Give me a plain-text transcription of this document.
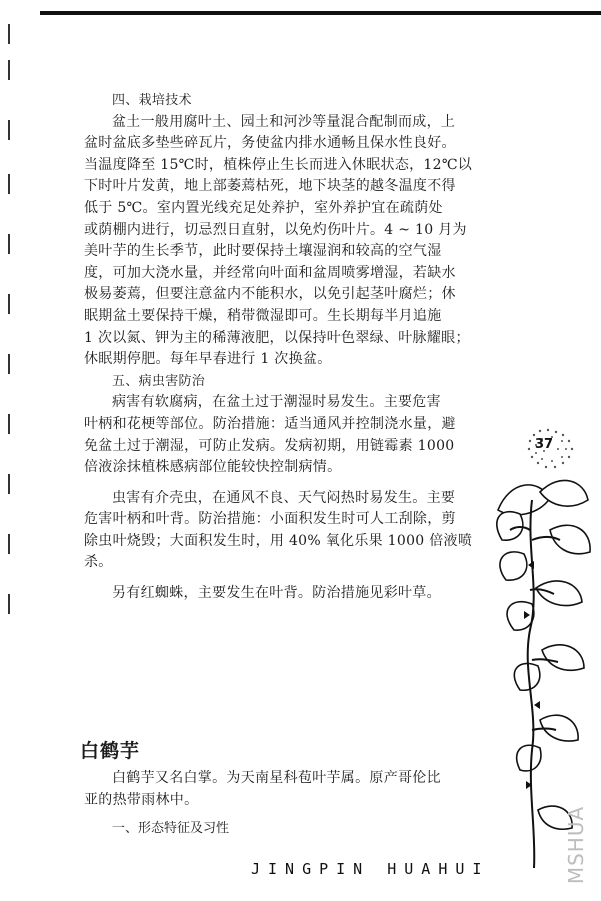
四、栽培技术
盆土一般用腐叶土、园土和河沙等量混合配制而成，上
盆时盆底多垫些碎瓦片，务使盆内排水通畅且保水性良好。
当温度降至 15℃时，植株停止生长而进入休眠状态，12℃以
下时叶片发黄，地上部萎蔫枯死，地下块茎的越冬温度不得
低于 5℃。室内置光线充足处养护，室外养护宜在疏荫处
或荫棚内进行，切忌烈日直射，以免灼伤叶片。4 ~ 10 月为
美叶芋的生长季节，此时要保持土壤湿润和较高的空气湿
度，可加大浇水量，并经常向叶面和盆周喷雾增湿，若缺水
极易萎蔫，但要注意盆内不能积水，以免引起茎叶腐烂；休
眠期盆土要保持干燥，稍带微湿即可。生长期每半月追施
1 次以氮、钾为主的稀薄液肥，以保持叶色翠绿、叶脉耀眼；
休眠期停肥。每年早春进行 1 次换盆。
五、病虫害防治
病害有软腐病，在盆土过于潮湿时易发生。主要危害
叶柄和花梗等部位。防治措施：适当通风并控制浇水量，避
免盆土过于潮湿，可防止发病。发病初期，用链霉素 1000
倍液涂抹植株感病部位能较快控制病情。
虫害有介壳虫，在通风不良、天气闷热时易发生。主要
危害叶柄和叶背。防治措施：小面积发生时可人工刮除，剪
除虫叶烧毁；大面积发生时，用 40% 氧化乐果 1000 倍液喷
杀。
另有红蜘蛛，主要发生在叶背。防治措施见彩叶草。
白鹤芋
白鹤芋又名白掌。为天南星科苞叶芋属。原产哥伦比
亚的热带雨林中。
一、形态特征及习性
37
JINGPIN HUAHUI	MSHUA
